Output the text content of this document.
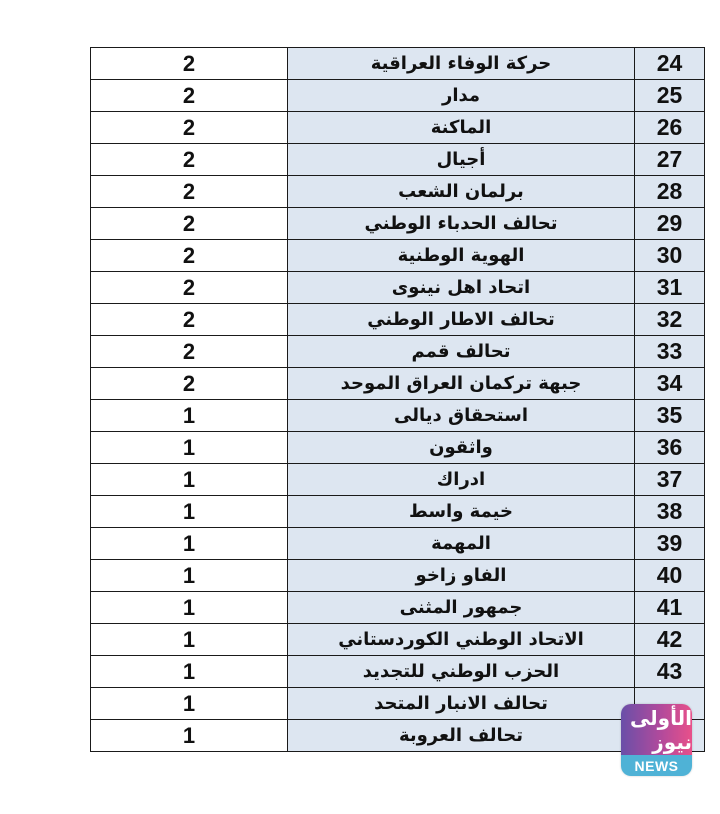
2	حركة الوفاء العراقية	24
2	مدار	25
2	الماكنة	26
2	أجيال	27
2	برلمان الشعب	28
2	تحالف الحدباء الوطني	29
2	الهوية الوطنية	30
2	اتحاد اهل نينوى	31
2	تحالف الاطار الوطني	32
2	تحالف قمم	33
2	جبهة تركمان العراق الموحد	34
1	استحقاق ديالى	35
1	واثقون	36
1	ادراك	37
1	خيمة واسط	38
1	المهمة	39
1	الفاو زاخو	40
1	جمهور المثنى	41
1	الاتحاد الوطني الكوردستاني	42
1	الحزب الوطني للتجديد	43
1	تحالف الانبار المتحد	
1	تحالف العروبة	
الأولى نيوز
NEWS
